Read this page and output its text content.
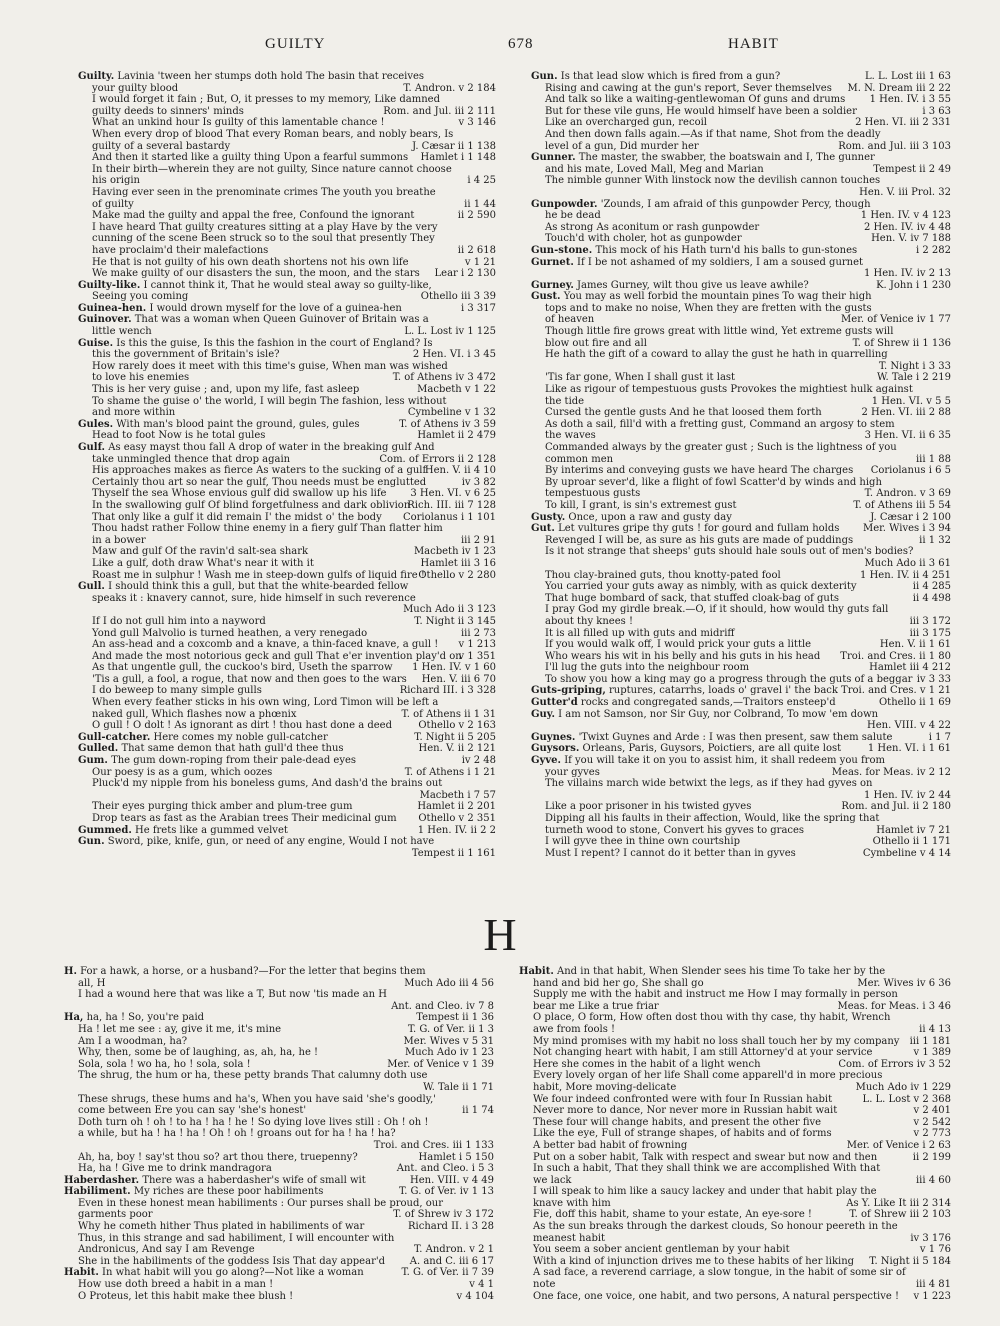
GUILTY	678	HABIT
Guilty. Lavinia 'tween her stumps doth hold The basin that receives
T. Andron. v 2 184
your guilty blood
I would forget it fain ; But, O, it presses to my memory, Like damned
Rom. and Jul. iii 2 111
guilty deeds to sinners' minds
v 3 146
What an unkind hour Is guilty of this lamentable chance !
When every drop of blood That every Roman bears, and nobly bears, Is
J. Cæsar ii 1 138
guilty of a several bastardy
Hamlet i 1 148
And then it started like a guilty thing Upon a fearful summons
In their birth—wherein they are not guilty, Since nature cannot choose
i 4 25
his origin
Having ever seen in the prenominate crimes The youth you breathe
ii 1 44
of guilty
ii 2 590
Make mad the guilty and appal the free, Confound the ignorant
I have heard That guilty creatures sitting at a play Have by the very
cunning of the scene Been struck so to the soul that presently They
ii 2 618
have proclaim'd their malefactions
v 1 21
He that is not guilty of his own death shortens not his own life
Lear i 2 130
We make guilty of our disasters the sun, the moon, and the stars
Guilty-like. I cannot think it, That he would steal away so guilty-like,
Othello iii 3 39
Seeing you coming
i 3 317
Guinea-hen. I would drown myself for the love of a guinea-hen
Guinover. That was a woman when Queen Guinover of Britain was a
L. L. Lost iv 1 125
little wench
Guise. Is this the guise, Is this the fashion in the court of England? Is
2 Hen. VI. i 3 45
this the government of Britain's isle?
How rarely does it meet with this time's guise, When man was wished
T. of Athens iv 3 472
to love his enemies
Macbeth v 1 22
This is her very guise ; and, upon my life, fast asleep
To shame the guise o' the world, I will begin The fashion, less without
Cymbeline v 1 32
and more within
T. of Athens iv 3 59
Gules. With man's blood paint the ground, gules, gules
Hamlet ii 2 479
Head to foot Now is he total gules
Gulf. As easy mayst thou fall A drop of water in the breaking gulf And
Com. of Errors ii 2 128
take unmingled thence that drop again
Hen. V. ii 4 10
His approaches makes as fierce As waters to the sucking of a gulf
iv 3 82
Certainly thou art so near the gulf, Thou needs must be englutted
3 Hen. VI. v 6 25
Thyself the sea Whose envious gulf did swallow up his life
Rich. III. iii 7 128
In the swallowing gulf Of blind forgetfulness and dark oblivion
Coriolanus i 1 101
That only like a gulf it did remain I' the midst o' the body
Thou hadst rather Follow thine enemy in a fiery gulf Than flatter him
iii 2 91
in a bower
Macbeth iv 1 23
Maw and gulf Of the ravin'd salt-sea shark
Hamlet iii 3 16
Like a gulf, doth draw What's near it with it
Othello v 2 280
Roast me in sulphur ! Wash me in steep-down gulfs of liquid fire !
Gull. I should think this a gull, but that the white-bearded fellow
speaks it : knavery cannot, sure, hide himself in such reverence
Much Ado ii 3 123

T. Night ii 3 145
If I do not gull him into a nayword
iii 2 73
Yond gull Malvolio is turned heathen, a very renegado
v 1 213
An ass-head and a coxcomb and a knave, a thin-faced knave, a gull !
v 1 351
And made the most notorious geck and gull That e'er invention play'd on
1 Hen. IV. v 1 60
As that ungentle gull, the cuckoo's bird, Useth the sparrow
Hen. V. iii 6 70
'Tis a gull, a fool, a rogue, that now and then goes to the wars
Richard III. i 3 328
I do beweep to many simple gulls
When every feather sticks in his own wing, Lord Timon will be left a
T. of Athens ii 1 31
naked gull, Which flashes now a phœnix
Othello v 2 163
O gull ! O dolt ! As ignorant as dirt ! thou hast done a deed
T. Night ii 5 205
Gull-catcher. Here comes my noble gull-catcher
Hen. V. ii 2 121
Gulled. That same demon that hath gull'd thee thus
iv 2 48
Gum. The gum down-roping from their pale-dead eyes
T. of Athens i 1 21
Our poesy is as a gum, which oozes
Pluck'd my nipple from his boneless gums, And dash'd the brains out
Macbeth i 7 57

Hamlet ii 2 201
Their eyes purging thick amber and plum-tree gum
Othello v 2 351
Drop tears as fast as the Arabian trees Their medicinal gum
1 Hen. IV. ii 2 2
Gummed. He frets like a gummed velvet
Gun. Sword, pike, knife, gun, or need of any engine, Would I not have
Tempest ii 1 161

L. L. Lost iii 1 63
Gun. Is that lead slow which is fired from a gun?
M. N. Dream iii 2 22
Rising and cawing at the gun's report, Sever themselves
1 Hen. IV. i 3 55
And talk so like a waiting-gentlewoman Of guns and drums
i 3 63
But for these vile guns, He would himself have been a soldier
2 Hen. VI. iii 2 331
Like an overcharged gun, recoil
And then down falls again.—As if that name, Shot from the deadly
Rom. and Jul. iii 3 103
level of a gun, Did murder her
Gunner. The master, the swabber, the boatswain and I, The gunner
Tempest ii 2 49
and his mate, Loved Mall, Meg and Marian
The nimble gunner With linstock now the devilish cannon touches
Hen. V. iii Prol. 32

Gunpowder. 'Zounds, I am afraid of this gunpowder Percy, though
1 Hen. IV. v 4 123
he be dead
2 Hen. IV. iv 4 48
As strong As aconitum or rash gunpowder
Hen. V. iv 7 188
Touch'd with choler, hot as gunpowder
i 2 282
Gun-stone. This mock of his Hath turn'd his balls to gun-stones
Gurnet. If I be not ashamed of my soldiers, I am a soused gurnet
1 Hen. IV. iv 2 13

K. John i 1 230
Gurney. James Gurney, wilt thou give us leave awhile?
Gust. You may as well forbid the mountain pines To wag their high
tops and to make no noise, When they are fretten with the gusts
Mer. of Venice iv 1 77
of heaven
Though little fire grows great with little wind, Yet extreme gusts will
T. of Shrew ii 1 136
blow out fire and all
He hath the gift of a coward to allay the gust he hath in quarrelling
T. Night i 3 33

W. Tale i 2 219
'Tis far gone, When I shall gust it last
Like as rigour of tempestuous gusts Provokes the mightiest hulk against
1 Hen. VI. v 5 5
the tide
2 Hen. VI. iii 2 88
Cursed the gentle gusts And he that loosed them forth
As doth a sail, fill'd with a fretting gust, Command an argosy to stem
3 Hen. VI. ii 6 35
the waves
Commanded always by the greater gust ; Such is the lightness of you
iii 1 88
common men
Coriolanus i 6 5
By interims and conveying gusts we have heard The charges
By uproar sever'd, like a flight of fowl Scatter'd by winds and high
T. Andron. v 3 69
tempestuous gusts
T. of Athens iii 5 54
To kill, I grant, is sin's extremest gust
J. Cæsar i 2 100
Gusty. Once, upon a raw and gusty day
Mer. Wives i 3 94
Gut. Let vultures gripe thy guts ! for gourd and fullam holds
ii 1 32
Revenged I will be, as sure as his guts are made of puddings
Is it not strange that sheeps' guts should hale souls out of men's bodies?
Much Ado ii 3 61

1 Hen. IV. ii 4 251
Thou clay-brained guts, thou knotty-pated fool
ii 4 285
You carried your guts away as nimbly, with as quick dexterity
ii 4 498
That huge bombard of sack, that stuffed cloak-bag of guts
I pray God my girdle break.—O, if it should, how would thy guts fall
iii 3 172
about thy knees !
iii 3 175
It is all filled up with guts and midriff
Hen. V. ii 1 61
If you would walk off, I would prick your guts a little
Troi. and Cres. ii 1 80
Who wears his wit in his belly and his guts in his head
Hamlet iii 4 212
I'll lug the guts into the neighbour room
iv 3 33
To show you how a king may go a progress through the guts of a beggar
Troi. and Cres. v 1 21
Guts-griping, ruptures, catarrhs, loads o' gravel i' the back
Othello ii 1 69
Gutter'd rocks and congregated sands,—Traitors ensteep'd
Guy. I am not Samson, nor Sir Guy, nor Colbrand, To mow 'em down
Hen. VIII. v 4 22

i 1 7
Guynes. 'Twixt Guynes and Arde : I was then present, saw them salute
1 Hen. VI. i 1 61
Guysors. Orleans, Paris, Guysors, Poictiers, are all quite lost
Gyve. If you will take it on you to assist him, it shall redeem you from
Meas. for Meas. iv 2 12
your gyves
The villains march wide betwixt the legs, as if they had gyves on
1 Hen. IV. iv 2 44

Rom. and Jul. ii 2 180
Like a poor prisoner in his twisted gyves
Dipping all his faults in their affection, Would, like the spring that
Hamlet iv 7 21
turneth wood to stone, Convert his gyves to graces
Othello ii 1 171
I will gyve thee in thine own courtship
Cymbeline v 4 14
Must I repent? I cannot do it better than in gyves
H
H. For a hawk, a horse, or a husband?—For the letter that begins them
Much Ado iii 4 56
all, H
I had a wound here that was like a T, But now 'tis made an H
Ant. and Cleo. iv 7 8

Tempest ii 1 36
Ha, ha, ha ! So, you're paid
T. G. of Ver. ii 1 3
Ha ! let me see : ay, give it me, it's mine
Mer. Wives v 5 31
Am I a woodman, ha?
Much Ado iv 1 23
Why, then, some be of laughing, as, ah, ha, he !
Mer. of Venice v 1 39
Sola, sola ! wo ha, ho ! sola, sola !
The shrug, the hum or ha, these petty brands That calumny doth use
W. Tale ii 1 71

These shrugs, these hums and ha's, When you have said 'she's goodly,'
ii 1 74
come between Ere you can say 'she's honest'
Doth turn oh ! oh ! to ha ! ha ! he ! So dying love lives still : Oh ! oh !
a while, but ha ! ha ! ha ! Oh ! oh ! groans out for ha ! ha ! ha?
Troi. and Cres. iii 1 133

Hamlet i 5 150
Ah, ha, boy ! say'st thou so? art thou there, truepenny?
Ant. and Cleo. i 5 3
Ha, ha ! Give me to drink mandragora
Hen. VIII. v 4 49
Haberdasher. There was a haberdasher's wife of small wit
T. G. of Ver. iv 1 13
Habiliment. My riches are these poor habiliments
Even in these honest mean habiliments : Our purses shall be proud, our
T. of Shrew iv 3 172
garments poor
Richard II. i 3 28
Why he cometh hither Thus plated in habiliments of war
Thus, in this strange and sad habiliment, I will encounter with
T. Andron. v 2 1
Andronicus, And say I am Revenge
A. and C. iii 6 17
She in the habiliments of the goddess Isis That day appear'd
T. G. of Ver. ii 7 39
Habit. In what habit will you go along?—Not like a woman
v 4 1
How use doth breed a habit in a man !
v 4 104
O Proteus, let this habit make thee blush !
Habit. And in that habit, When Slender sees his time To take her by the
Mer. Wives iv 6 36
hand and bid her go, She shall go
Supply me with the habit and instruct me How I may formally in person
Meas. for Meas. i 3 46
bear me Like a true friar
O place, O form, How often dost thou with thy case, thy habit, Wrench
ii 4 13
awe from fools !
iii 1 181
My mind promises with my habit no loss shall touch her by my company
v 1 389
Not changing heart with habit, I am still Attorney'd at your service
Com. of Errors iv 3 52
Here she comes in the habit of a light wench
Every lovely organ of her life Shall come apparell'd in more precious
Much Ado iv 1 229
habit, More moving-delicate
L. L. Lost v 2 368
We four indeed confronted were with four In Russian habit
v 2 401
Never more to dance, Nor never more in Russian habit wait
v 2 542
These four will change habits, and present the other five
v 2 773
Like the eye, Full of strange shapes, of habits and of forms
Mer. of Venice i 2 63
A better bad habit of frowning
ii 2 199
Put on a sober habit, Talk with respect and swear but now and then
In such a habit, That they shall think we are accomplished With that
iii 4 60
we lack
I will speak to him like a saucy lackey and under that habit play the
As Y. Like It iii 2 314
knave with him
T. of Shrew iii 2 103
Fie, doff this habit, shame to your estate, An eye-sore !
As the sun breaks through the darkest clouds, So honour peereth in the
iv 3 176
meanest habit
v 1 76
You seem a sober ancient gentleman by your habit
T. Night ii 5 184
With a kind of injunction drives me to these habits of her liking
A sad face, a reverend carriage, a slow tongue, in the habit of some sir of
iii 4 81
note
v 1 223
One face, one voice, one habit, and two persons, A natural perspective !
